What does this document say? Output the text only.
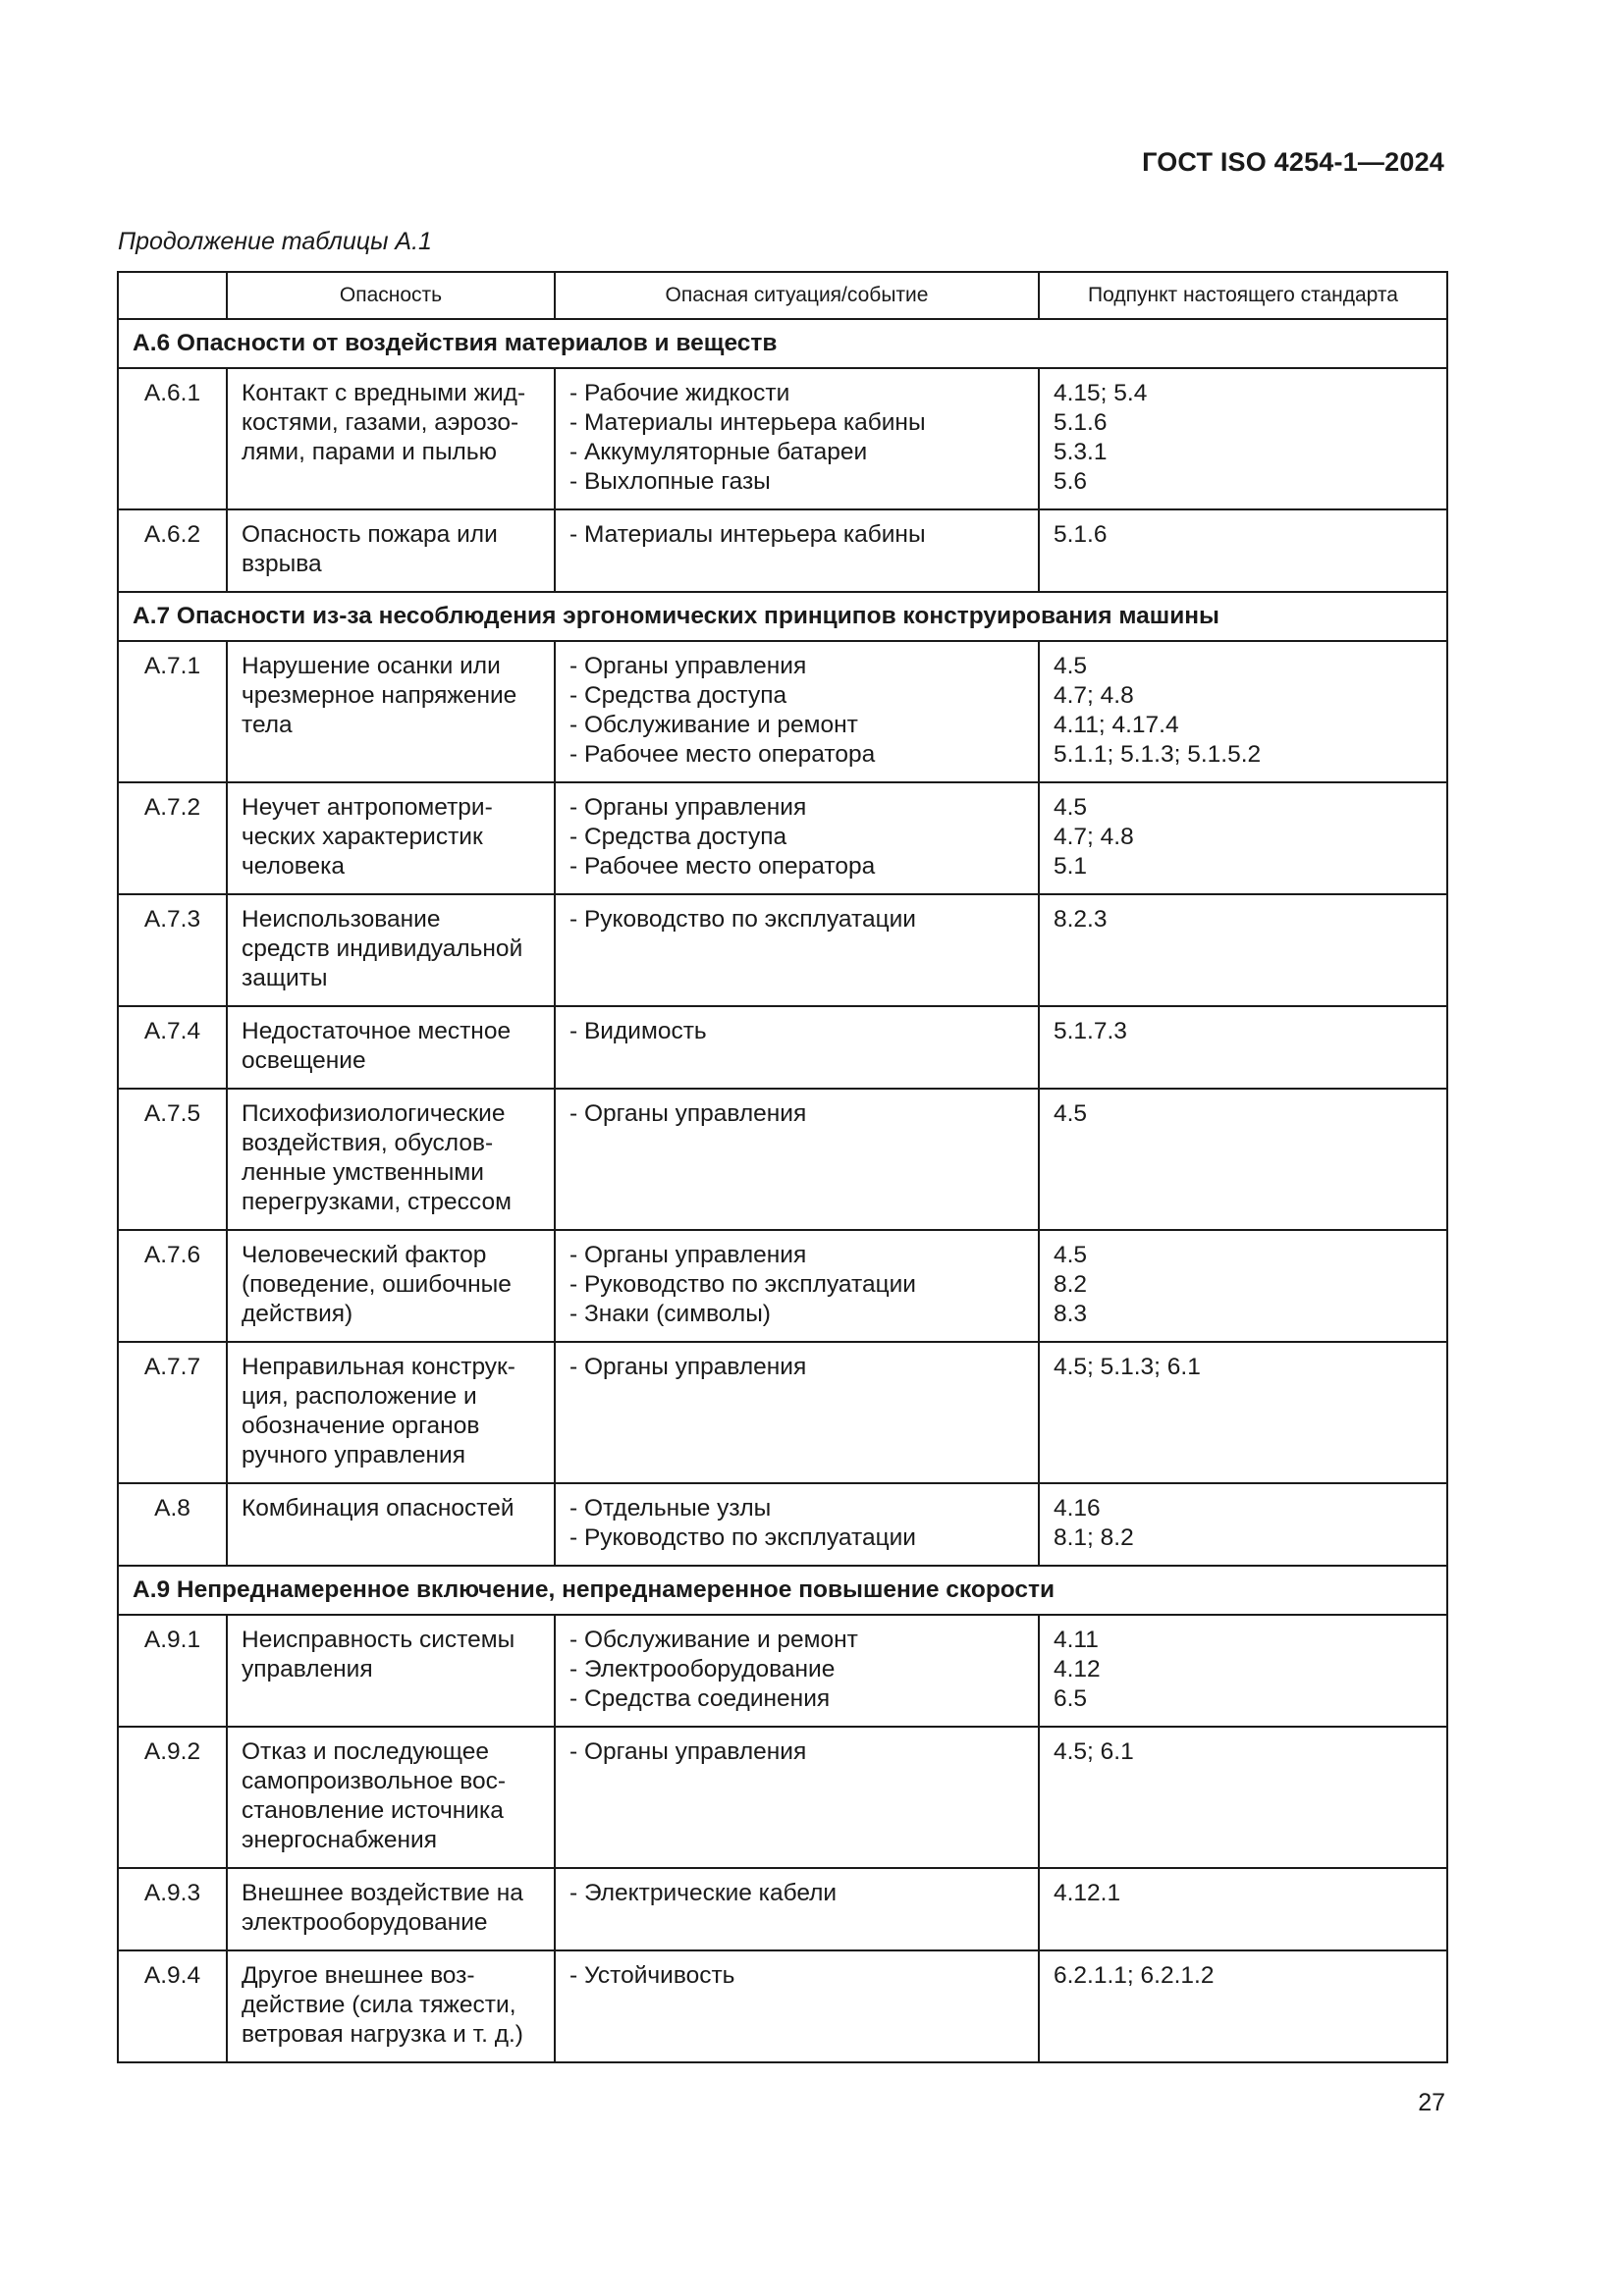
ГОСТ ISO 4254-1—2024
Продолжение таблицы А.1
	Опасность	Опасная ситуация/событие	Подпункт настоящего стандарта
А.6 Опасности от воздействия материалов и веществ			
А.6.1	Контакт с вредными жид-
костями, газами, аэрозо-
лями, парами и пылью	- Рабочие жидкости
- Материалы интерьера кабины
- Аккумуляторные батареи
- Выхлопные газы	4.15; 5.4
5.1.6
5.3.1
5.6

А.6.2	Опасность пожара или
взрыва	- Материалы интерьера кабины	5.1.6

А.7 Опасности из-за несоблюдения эргономических принципов конструирования машины			
А.7.1	Нарушение осанки или
чрезмерное напряжение
тела	- Органы управления
- Средства доступа
- Обслуживание и ремонт
- Рабочее место оператора	4.5
4.7; 4.8
4.11; 4.17.4
5.1.1; 5.1.3; 5.1.5.2

А.7.2	Неучет антропометри-
ческих характеристик
человека	- Органы управления
- Средства доступа
- Рабочее место оператора	4.5
4.7; 4.8
5.1

А.7.3	Неиспользование
средств индивидуальной
защиты	- Руководство по эксплуатации	8.2.3

А.7.4	Недостаточное местное
освещение	- Видимость	5.1.7.3

А.7.5	Психофизиологические
воздействия, обуслов-
ленные умственными
перегрузками, стрессом	- Органы управления	4.5

А.7.6	Человеческий фактор
(поведение, ошибочные
действия)	- Органы управления
- Руководство по эксплуатации
- Знаки (символы)	4.5
8.2
8.3

А.7.7	Неправильная конструк-
ция, расположение и
обозначение органов
ручного управления	- Органы управления	4.5; 5.1.3; 6.1

А.8	Комбинация опасностей	- Отдельные узлы
- Руководство по эксплуатации	4.16
8.1; 8.2

А.9 Непреднамеренное включение, непреднамеренное повышение скорости			
А.9.1	Неисправность системы
управления	- Обслуживание и ремонт
- Электрооборудование
- Средства соединения	4.11
4.12
6.5

А.9.2	Отказ и последующее
самопроизвольное вос-
становление источника
энергоснабжения	- Органы управления	4.5; 6.1

А.9.3	Внешнее воздействие на
электрооборудование	- Электрические кабели	4.12.1

А.9.4	Другое внешнее воз-
действие (сила тяжести,
ветровая нагрузка и т. д.)	- Устойчивость	6.2.1.1; 6.2.1.2
27
